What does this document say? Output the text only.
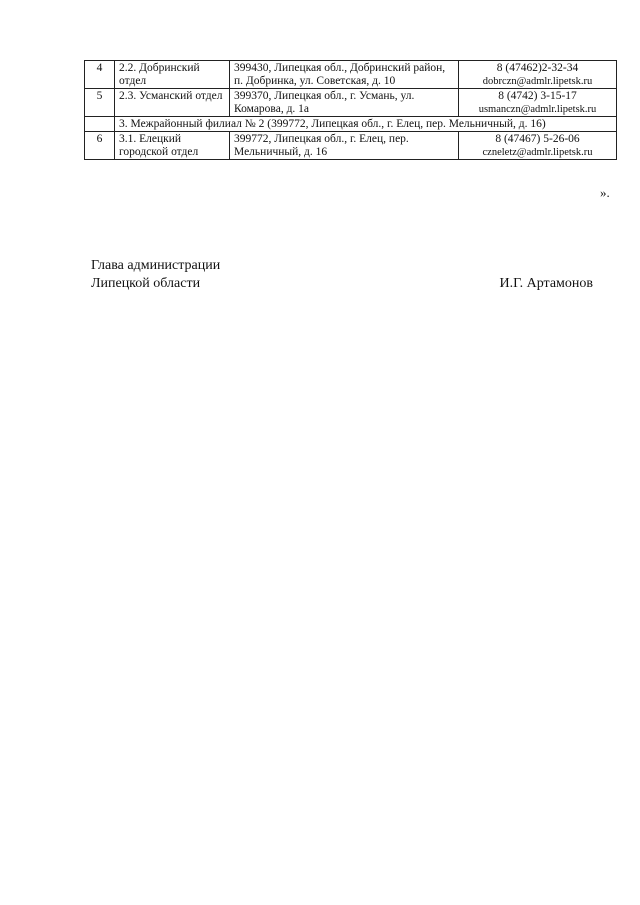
4	2.2. Добринский отдел	399430, Липецкая обл., Добринский район, п. Добринка, ул. Советская, д. 10	8 (47462)2-32-34
dobrczn@admlr.lipetsk.ru

5	2.3. Усманский отдел	399370, Липецкая обл., г. Усмань, ул. Комарова, д. 1а	8 (4742) 3-15-17
usmanczn@admlr.lipetsk.ru

	3. Межрайонный филиал № 2 (399772, Липецкая обл., г. Елец, пер. Мельничный, д. 16)		
6	3.1. Елецкий городской отдел	399772, Липецкая обл., г. Елец, пер. Мельничный, д. 16	8 (47467) 5-26-06
czneletz@admlr.lipetsk.ru
».
Глава администрации
Липецкой области	И.Г. Артамонов
